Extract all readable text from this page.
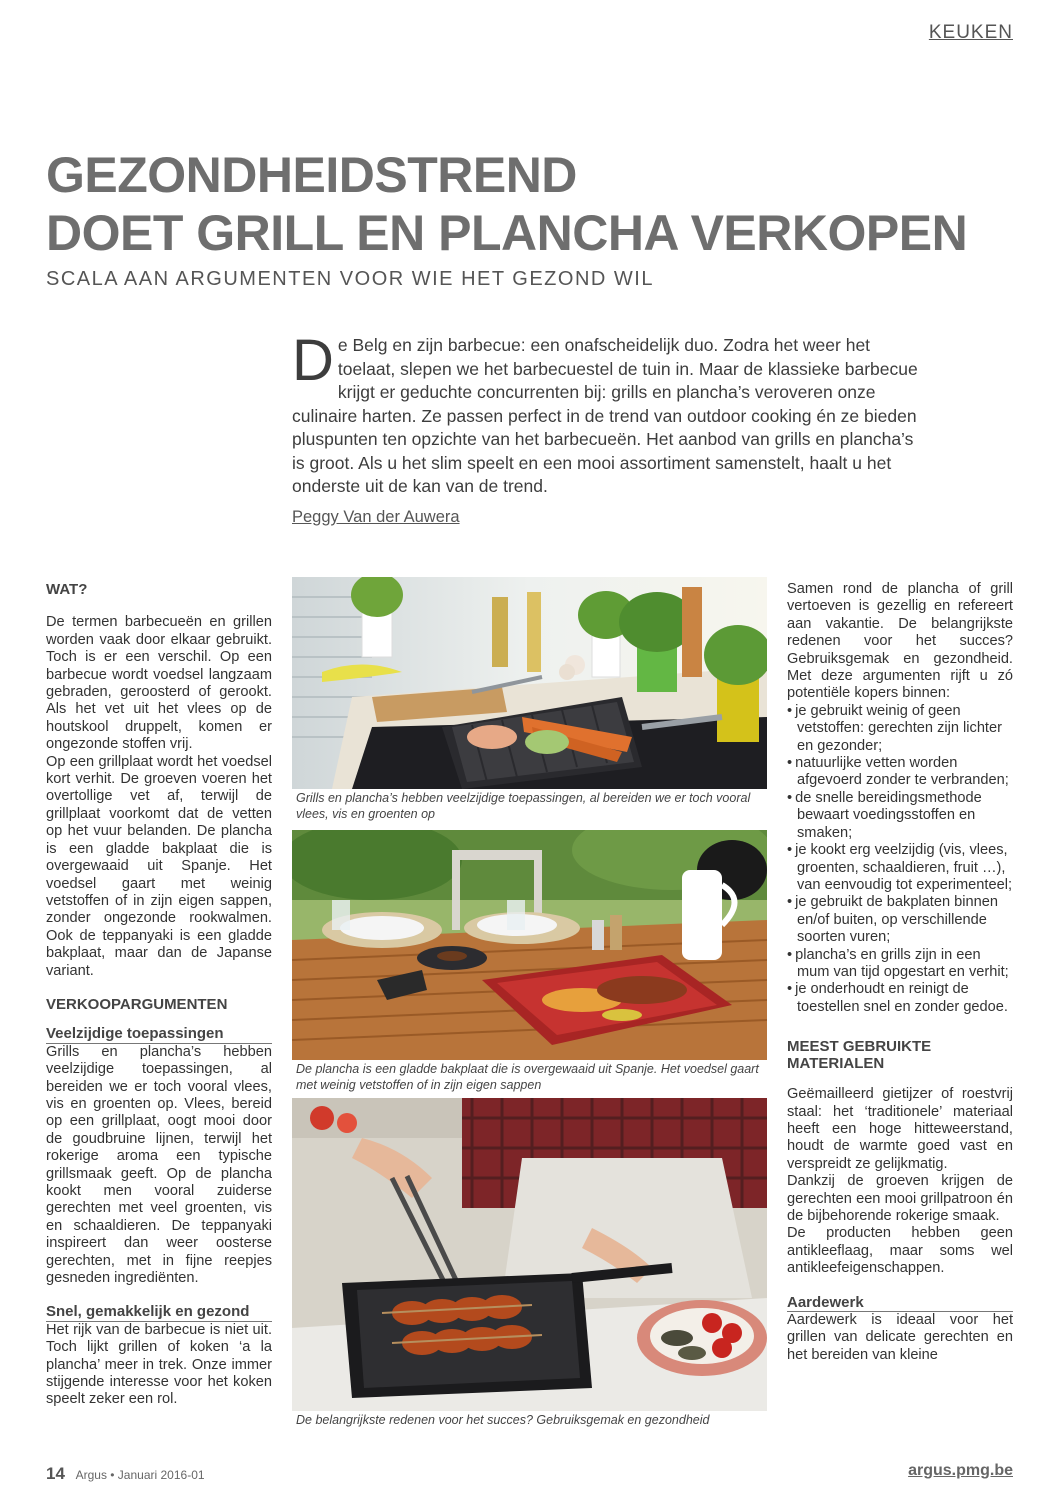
KEUKEN
GEZONDHEIDSTREND
DOET GRILL EN PLANCHA VERKOPEN
SCALA AAN ARGUMENTEN VOOR WIE HET GEZOND WIL
D e Belg en zijn barbecue: een onafscheidelijk duo. Zodra het weer het toelaat, slepen we het barbecuestel de tuin in. Maar de klassieke barbecue krijgt er geduchte concurrenten bij: grills en plancha’s veroveren onze culinaire harten. Ze passen perfect in de trend van outdoor cooking én ze bieden pluspunten ten opzichte van het barbecueën. Het aanbod van grills en plancha’s is groot. Als u het slim speelt en een mooi assortiment samenstelt, haalt u het onderste uit de kan van de trend.
Peggy Van der Auwera
WAT?

De termen barbecueën en grillen worden vaak door elkaar gebruikt. Toch is er een verschil. Op een barbecue wordt voedsel langzaam gebraden, geroosterd of gerookt. Als het vet uit het vlees op de houtskool druppelt, komen er ongezonde stoffen vrij.

Op een grillplaat wordt het voedsel kort verhit. De groeven voeren het overtollige vet af, terwijl de grillplaat voorkomt dat de vetten op het vuur belanden. De plancha is een gladde bakplaat die is overgewaaid uit Spanje. Het voedsel gaart met weinig vetstoffen of in zijn eigen sappen, zonder ongezonde rookwalmen. Ook de teppanyaki is een gladde bakplaat, maar dan de Japanse variant.

VERKOOPARGUMENTEN
Veelzijdige toepassingen

Grills en plancha’s hebben veelzijdige toepassingen, al bereiden we er toch vooral vlees, vis en groenten op. Vlees, bereid op een grillplaat, oogt mooi door de goudbruine lijnen, terwijl het rokerige aroma een typische grillsmaak geeft. Op de plancha kookt men vooral zuiderse gerechten met veel groenten, vis en schaaldieren. De teppanyaki inspireert dan weer oosterse gerechten, met in fijne reepjes gesneden ingrediënten.

Snel, gemakkelijk en gezond

Het rijk van de barbecue is niet uit. Toch lijkt grillen of koken ‘a la plancha’ meer in trek. Onze immer stijgende interesse voor het koken speelt zeker een rol.

Grills en plancha’s hebben veelzijdige toepassingen, al bereiden we er toch vooral vlees, vis en groenten op
De plancha is een gladde bakplaat die is overgewaaid uit Spanje. Het voedsel gaart met weinig vetstoffen of in zijn eigen sappen
De belangrijkste redenen voor het succes? Gebruiksgemak en gezondheid

Samen rond de plancha of grill vertoeven is gezellig en refereert aan vakantie. De belangrijkste redenen voor het succes? Gebruiksgemak en gezondheid. Met deze argumenten rijft u zó potentiële kopers binnen:

• je gebruikt weinig of geen vetstoffen: gerechten zijn lichter en gezonder;
• natuurlijke vetten worden afgevoerd zonder te verbranden;
• de snelle bereidingsmethode bewaart voedingsstoffen en smaken;
• je kookt erg veelzijdig (vis, vlees, groenten, schaaldieren, fruit …), van eenvoudig tot experimenteel;
• je gebruikt de bakplaten binnen en/of buiten, op verschillende soorten vuren;
• plancha’s en grills zijn in een mum van tijd opgestart en verhit;
• je onderhoudt en reinigt de toestellen snel en zonder gedoe.
MEEST GEBRUIKTE MATERIALEN

Geëmailleerd gietijzer of roestvrij staal: het ‘traditionele’ materiaal heeft een hoge hitteweerstand, houdt de warmte goed vast en verspreidt ze gelijkmatig.

Dankzij de groeven krijgen de gerechten een mooi grillpatroon én de bijbehorende rokerige smaak.

De producten hebben geen antikleeflaag, maar soms wel antikleefeigenschappen.

Aardewerk

Aardewerk is ideaal voor het grillen van delicate gerechten en het bereiden van kleine

14 Argus • Januari 2016-01	argus.pmg.be
